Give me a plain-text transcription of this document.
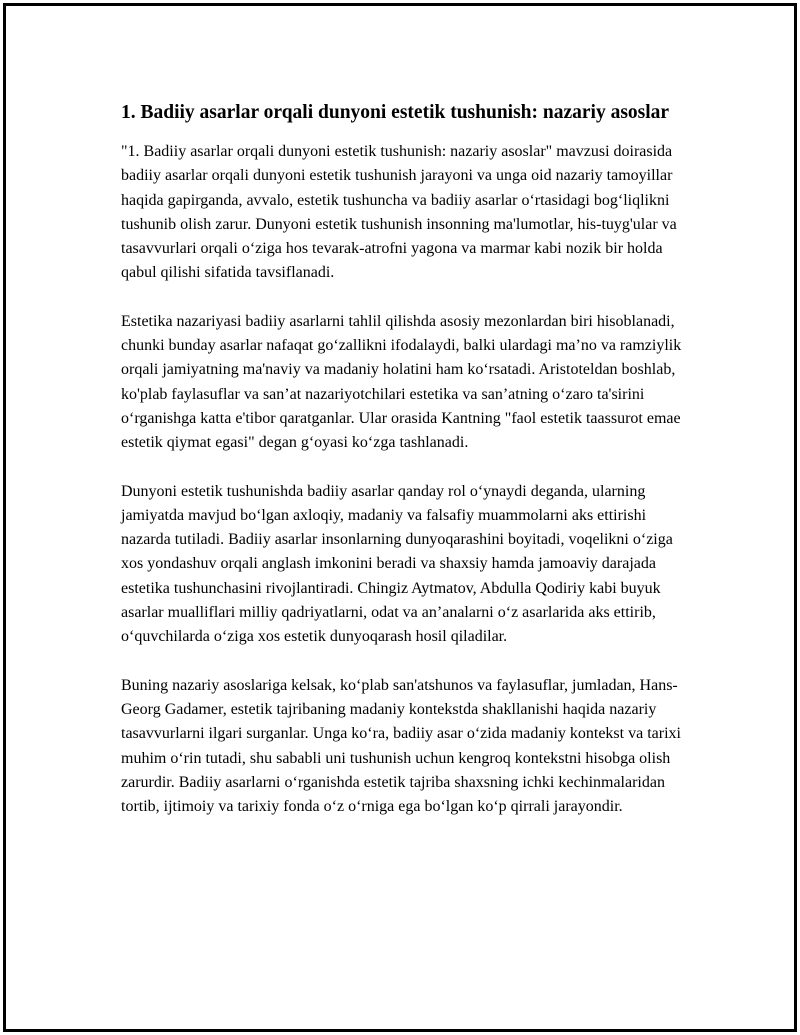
1. Badiiy asarlar orqali dunyoni estetik tushunish: nazariy asoslar

"1. Badiiy asarlar orqali dunyoni estetik tushunish: nazariy asoslar" mavzusi doirasida badiiy asarlar orqali dunyoni estetik tushunish jarayoni va unga oid nazariy tamoyillar haqida gapirganda, avvalo, estetik tushuncha va badiiy asarlar oʻrtasidagi bogʻliqlikni tushunib olish zarur. Dunyoni estetik tushunish insonning ma'lumotlar, his-tuyg'ular va tasavvurlari orqali oʻziga hos tevarak-atrofni yagona va marmar kabi nozik bir holda qabul qilishi sifatida tavsiflanadi.

Estetika nazariyasi badiiy asarlarni tahlil qilishda asosiy mezonlardan biri hisoblanadi, chunki bunday asarlar nafaqat goʻzallikni ifodalaydi, balki ulardagi ma’no va ramziylik orqali jamiyatning ma'naviy va madaniy holatini ham koʻrsatadi. Aristoteldan boshlab, ko'plab faylasuflar va san’at nazariyotchilari estetika va san’atning oʻzaro ta'sirini oʻrganishga katta e'tibor qaratganlar. Ular orasida Kantning "faol estetik taassurot emae estetik qiymat egasi" degan gʻoyasi koʻzga tashlanadi.

Dunyoni estetik tushunishda badiiy asarlar qanday rol oʻynaydi deganda, ularning jamiyatda mavjud boʻlgan axloqiy, madaniy va falsafiy muammolarni aks ettirishi nazarda tutiladi. Badiiy asarlar insonlarning dunyoqarashini boyitadi, voqelikni oʻziga xos yondashuv orqali anglash imkonini beradi va shaxsiy hamda jamoaviy darajada estetika tushunchasini rivojlantiradi. Chingiz Aytmatov, Abdulla Qodiriy kabi buyuk asarlar mualliflari milliy qadriyatlarni, odat va an’analarni oʻz asarlarida aks ettirib, oʻquvchilarda oʻziga xos estetik dunyoqarash hosil qiladilar.

Buning nazariy asoslariga kelsak, koʻplab san'atshunos va faylasuflar, jumladan, Hans-Georg Gadamer, estetik tajribaning madaniy kontekstda shakllanishi haqida nazariy tasavvurlarni ilgari surganlar. Unga koʻra, badiiy asar oʻzida madaniy kontekst va tarixi muhim oʻrin tutadi, shu sababli uni tushunish uchun kengroq kontekstni hisobga olish zarurdir. Badiiy asarlarni oʻrganishda estetik tajriba shaxsning ichki kechinmalaridan tortib, ijtimoiy va tarixiy fonda oʻz oʻrniga ega boʻlgan koʻp qirrali jarayondir.
